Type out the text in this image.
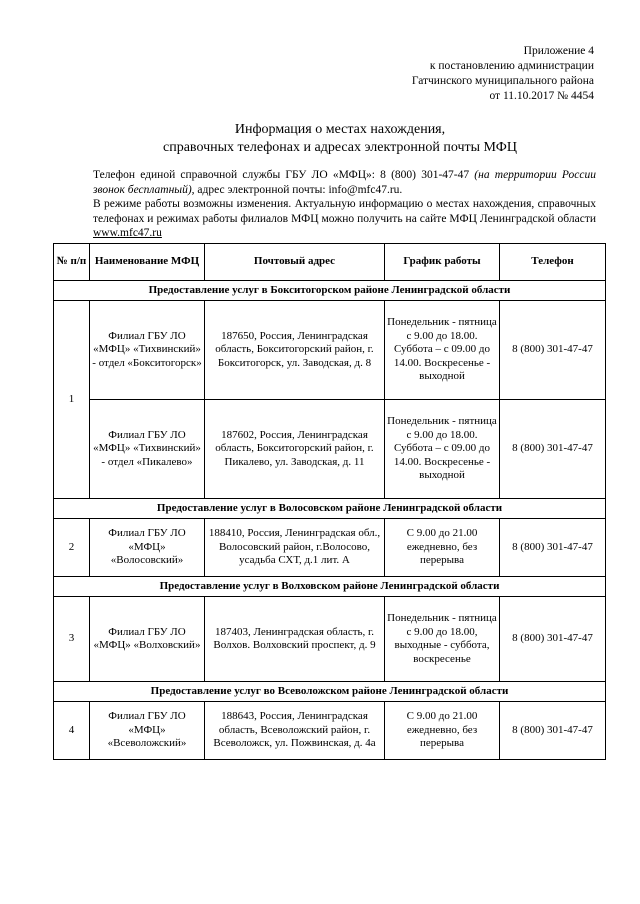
Приложение 4
к постановлению администрации
Гатчинского муниципального района
от 11.10.2017 № 4454
Информация о местах нахождения,
справочных телефонах и адресах электронной почты МФЦ

Телефон единой справочной службы ГБУ ЛО «МФЦ»: 8 (800) 301-47-47 (на территории России звонок бесплатный), адрес электронной почты: info@mfc47.ru.

В режиме работы возможны изменения. Актуальную информацию о местах нахождения, справочных телефонах и режимах работы филиалов МФЦ можно получить на сайте МФЦ Ленинградской области www.mfc47.ru

№ п/п	Наименование МФЦ	Почтовый адрес	График работы	Телефон
Предоставление услуг в Бокситогорском районе Ленинградской области				
1	Филиал ГБУ ЛО «МФЦ» «Тихвинский» - отдел «Бокситогорск»	187650, Россия, Ленинградская область, Бокситогорский район, г. Бокситогорск, ул. Заводская, д. 8	Понедельник - пятница с 9.00 до 18.00. Суббота – с 09.00 до 14.00. Воскресенье - выходной	8 (800) 301-47-47
	Филиал ГБУ ЛО «МФЦ» «Тихвинский» - отдел «Пикалево»	187602, Россия, Ленинградская область, Бокситогорский район, г. Пикалево, ул. Заводская, д. 11	Понедельник - пятница с 9.00 до 18.00. Суббота – с 09.00 до 14.00. Воскресенье - выходной	8 (800) 301-47-47
Предоставление услуг в Волосовском районе Ленинградской области				
2	Филиал ГБУ ЛО «МФЦ» «Волосовский»	188410, Россия, Ленинградская обл., Волосовский район, г.Волосово, усадьба СХТ, д.1 лит. А	С 9.00 до 21.00 ежедневно, без перерыва	8 (800) 301-47-47
Предоставление услуг в Волховском районе Ленинградской области				
3	Филиал ГБУ ЛО «МФЦ» «Волховский»	187403, Ленинградская область, г. Волхов. Волховский проспект, д. 9	Понедельник - пятница с 9.00 до 18.00, выходные - суббота, воскресенье	8 (800) 301-47-47
Предоставление услуг во Всеволожском районе Ленинградской области				
4	Филиал ГБУ ЛО «МФЦ» «Всеволожский»	188643, Россия, Ленинградская область, Всеволожский район, г. Всеволожск, ул. Пожвинская, д. 4а	С 9.00 до 21.00 ежедневно, без перерыва	8 (800) 301-47-47
